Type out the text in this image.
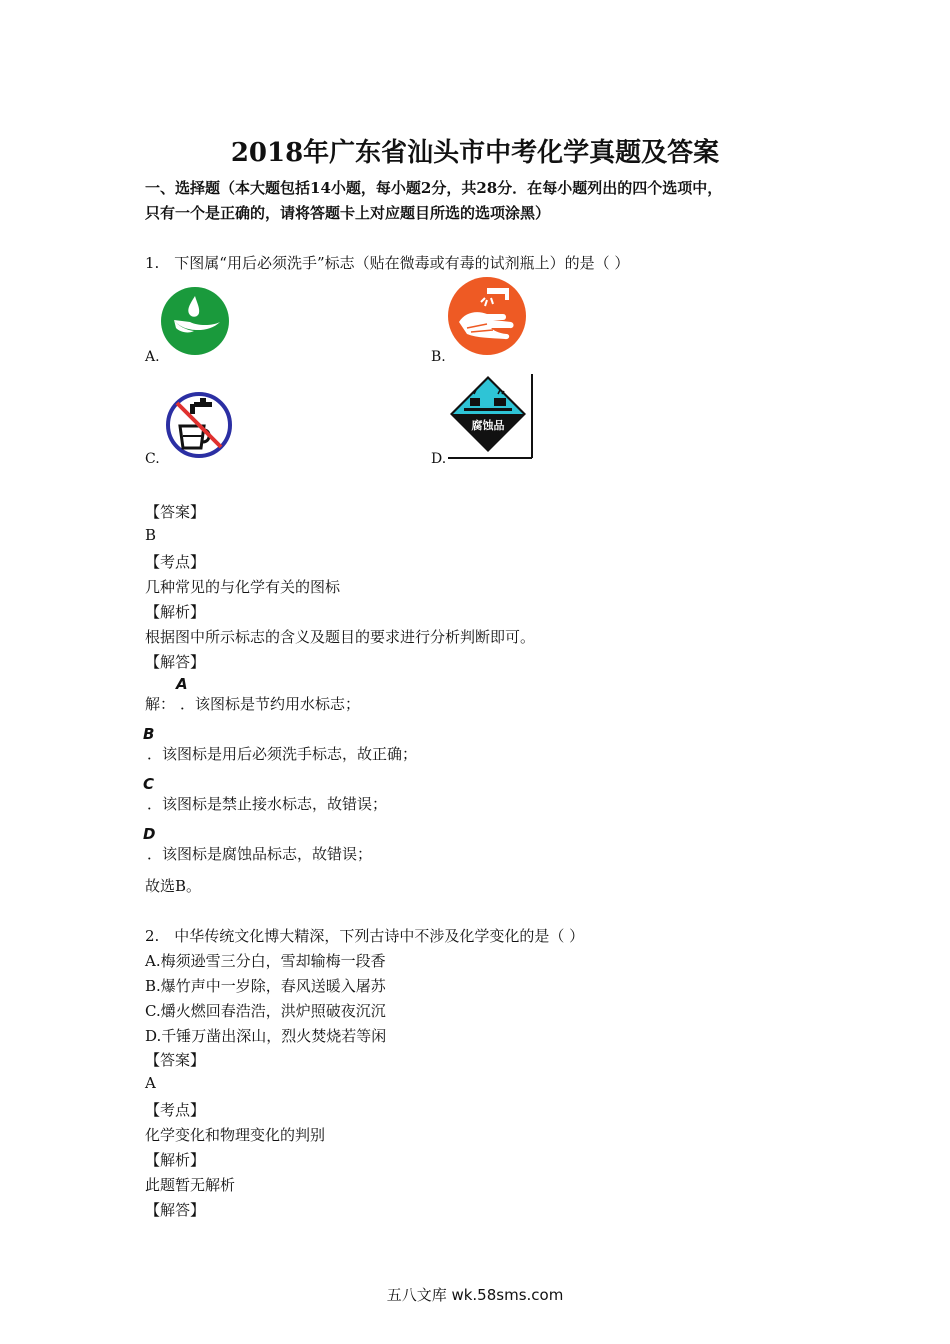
2018年广东省汕头市中考化学真题及答案
一、选择题（本大题包括14小题，每小题2分，共28分．在每小题列出的四个选项中，
只有一个是正确的，请将答题卡上对应题目所选的选项涂黑）
1.　下图属“用后必须洗手”标志（贴在微毒或有毒的试剂瓶上）的是（ ）
A.	B.
C.
腐蚀品
D.
【答案】
B
【考点】
几种常见的与化学有关的图标
【解析】
根据图中所示标志的含义及题目的要求进行分析判断即可。
【解答】
A
解： ．该图标是节约用水标志；
B
．该图标是用后必须洗手标志，故正确；
C
．该图标是禁止接水标志，故错误；
D
．该图标是腐蚀品标志，故错误；
故选B。
2.　中华传统文化博大精深，下列古诗中不涉及化学变化的是（ ）
A.梅须逊雪三分白，雪却输梅一段香
B.爆竹声中一岁除，春风送暖入屠苏
C.爝火燃回春浩浩，洪炉照破夜沉沉
D.千锤万凿出深山，烈火焚烧若等闲
【答案】
A
【考点】
化学变化和物理变化的判别
【解析】
此题暂无解析
【解答】
五八文库 wk.58sms.com
